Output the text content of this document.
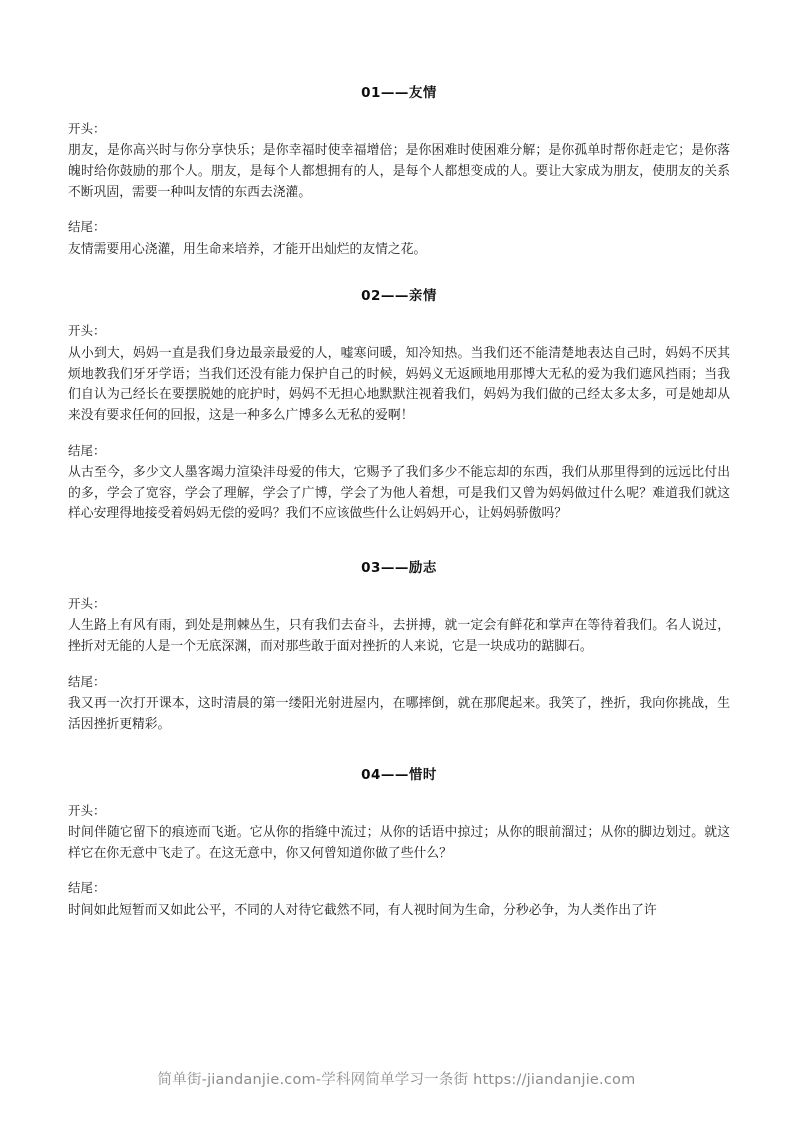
01——友情
开头：

朋友，是你高兴时与你分享快乐；是你幸福时使幸福增倍；是你困难时使困难分解；是你孤单时帮你赶走它；是你落魄时给你鼓励的那个人。朋友，是每个人都想拥有的人，是每个人都想变成的人。要让大家成为朋友，使朋友的关系不断巩固，需要一种叫友情的东西去浇灌。

结尾：

友情需要用心浇灌，用生命来培养，才能开出灿烂的友情之花。

02——亲情
开头：

从小到大，妈妈一直是我们身边最亲最爱的人，嘘寒问暖，知冷知热。当我们还不能清楚地表达自己时，妈妈不厌其烦地教我们牙牙学语；当我们还没有能力保护自己的时候，妈妈义无返顾地用那博大无私的爱为我们遮风挡雨；当我们自认为己经长在要摆脱她的庇护时，妈妈不无担心地默默注视着我们，妈妈为我们做的己经太多太多，可是她却从来没有要求任何的回报，这是一种多么广博多么无私的爱啊！

结尾：

从古至今，多少文人墨客竭力渲染沣母爱的伟大，它赐予了我们多少不能忘却的东西，我们从那里得到的远远比付出的多，学会了宽容，学会了理解，学会了广博，学会了为他人着想，可是我们又曾为妈妈做过什么呢？难道我们就这样心安理得地接受着妈妈无偿的爱吗？我们不应该做些什么让妈妈开心，让妈妈骄傲吗？

03——励志
开头：

人生路上有风有雨，到处是荆棘丛生，只有我们去奋斗，去拼搏，就一定会有鲜花和掌声在等待着我们。名人说过，挫折对无能的人是一个无底深渊，而对那些敢于面对挫折的人来说，它是一块成功的踮脚石。

结尾：

我又再一次打开课本，这时清晨的第一缕阳光射进屋内，在哪摔倒，就在那爬起来。我笑了，挫折，我向你挑战，生活因挫折更精彩。

04——惜时
开头：

时间伴随它留下的痕迹而飞逝。它从你的指缝中流过；从你的话语中掠过；从你的眼前溜过；从你的脚边划过。就这样它在你无意中飞走了。在这无意中，你又何曾知道你做了些什么？

结尾：

时间如此短暂而又如此公平，不同的人对待它截然不同，有人视时间为生命，分秒必争，为人类作出了许

简单街-jiandanjie.com-学科网简单学习一条街 https://jiandanjie.com
